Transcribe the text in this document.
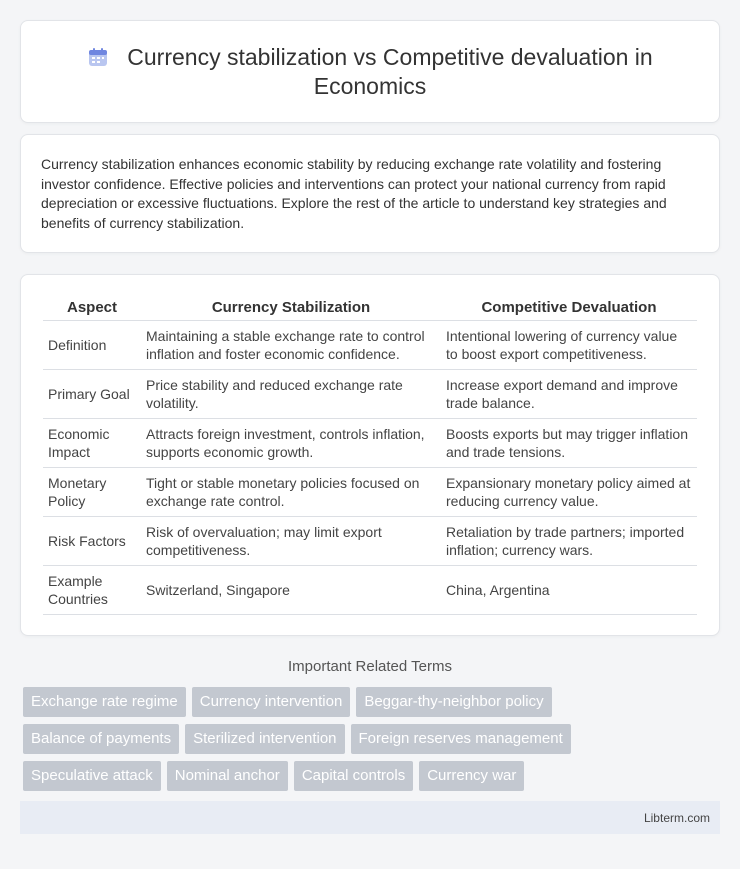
Currency stabilization vs Competitive devaluation in Economics

Currency stabilization enhances economic stability by reducing exchange rate volatility and fostering investor confidence. Effective policies and interventions can protect your national currency from rapid depreciation or excessive fluctuations. Explore the rest of the article to understand key strategies and benefits of currency stabilization.

Aspect	Currency Stabilization	Competitive Devaluation
Definition	Maintaining a stable exchange rate to control inflation and foster economic confidence.	Intentional lowering of currency value to boost export competitiveness.
Primary Goal	Price stability and reduced exchange rate volatility.	Increase export demand and improve trade balance.
Economic Impact	Attracts foreign investment, controls inflation, supports economic growth.	Boosts exports but may trigger inflation and trade tensions.
Monetary Policy	Tight or stable monetary policies focused on exchange rate control.	Expansionary monetary policy aimed at reducing currency value.
Risk Factors	Risk of overvaluation; may limit export competitiveness.	Retaliation by trade partners; imported inflation; currency wars.
Example Countries	Switzerland, Singapore	China, Argentina
Important Related Terms
Exchange rate regime	Currency intervention	Beggar-thy-neighbor policy
Balance of payments	Sterilized intervention	Foreign reserves management
Speculative attack	Nominal anchor	Capital controls	Currency war
Libterm.com
